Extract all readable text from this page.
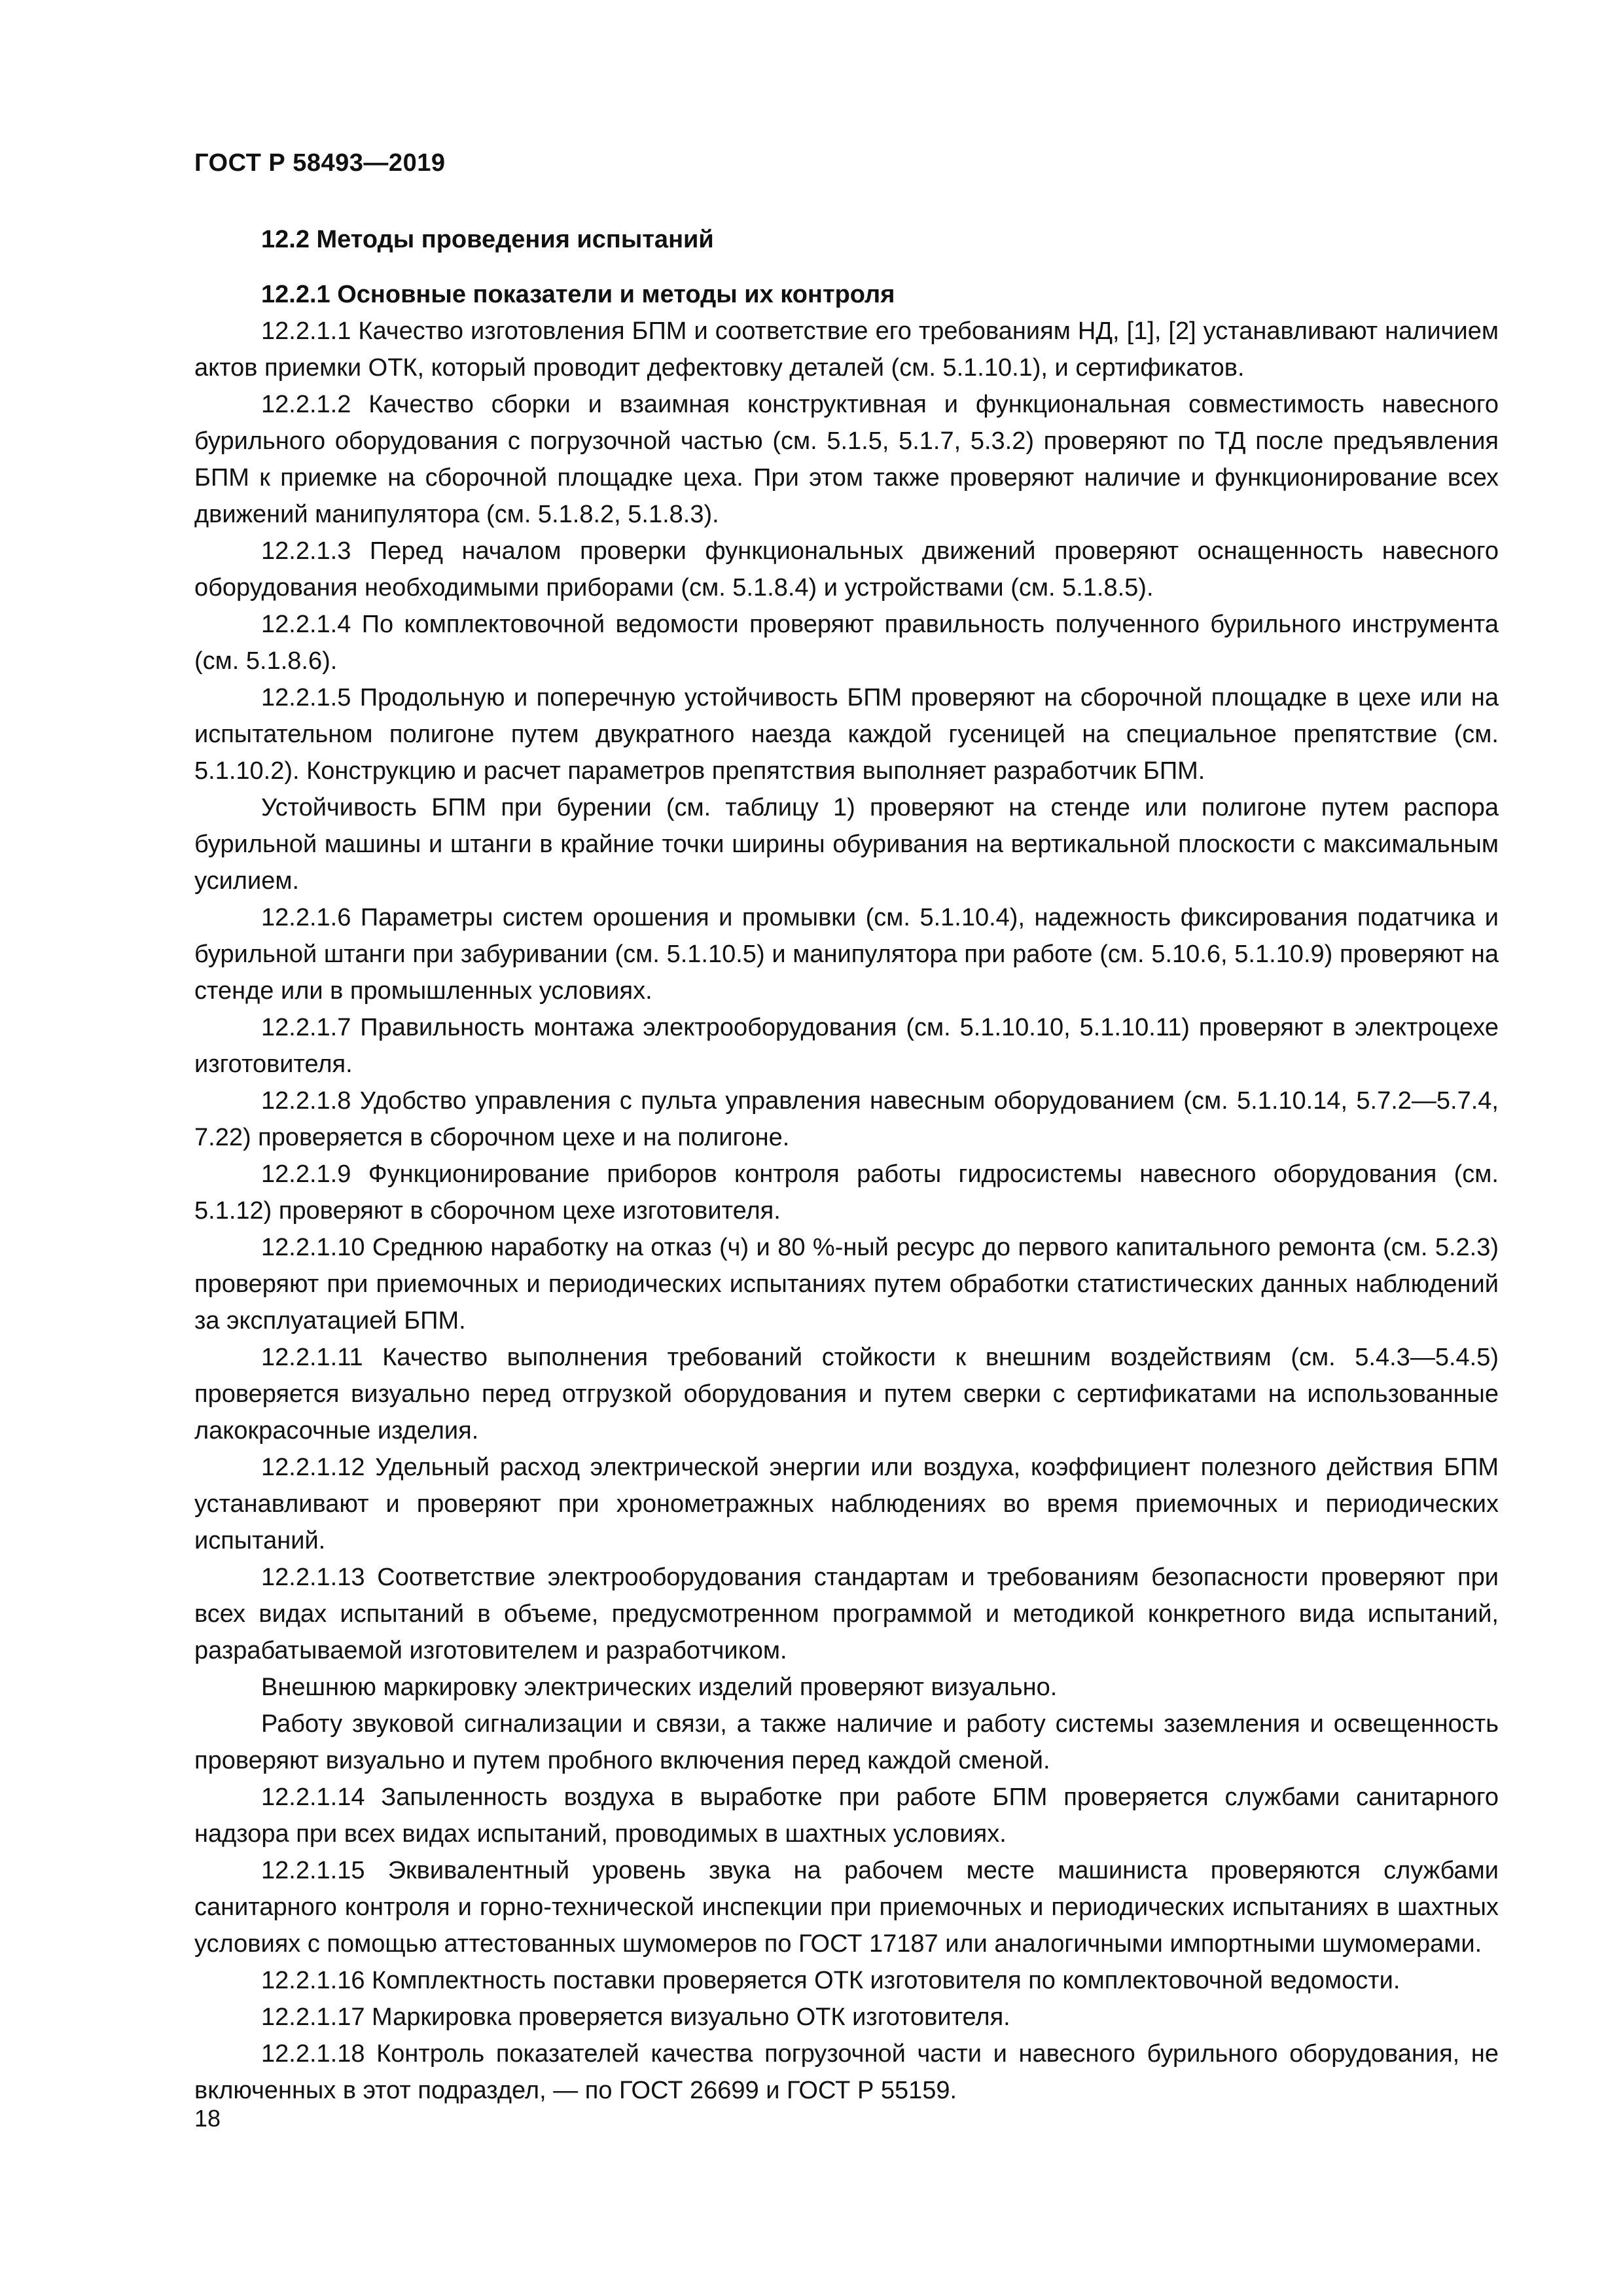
ГОСТ Р 58493—2019
12.2 Методы проведения испытаний
12.2.1 Основные показатели и методы их контроля

12.2.1.1 Качество изготовления БПМ и соответствие его требованиям НД, [1], [2] устанавливают наличием актов приемки ОТК, который проводит дефектовку деталей (см. 5.1.10.1), и сертификатов.

12.2.1.2 Качество сборки и взаимная конструктивная и функциональная совместимость навесного бурильного оборудования с погрузочной частью (см. 5.1.5, 5.1.7, 5.3.2) проверяют по ТД после предъявления БПМ к приемке на сборочной площадке цеха. При этом также проверяют наличие и функционирование всех движений манипулятора (см. 5.1.8.2, 5.1.8.3).

12.2.1.3 Перед началом проверки функциональных движений проверяют оснащенность навесного оборудования необходимыми приборами (см. 5.1.8.4) и устройствами (см. 5.1.8.5).

12.2.1.4 По комплектовочной ведомости проверяют правильность полученного бурильного инструмента (см. 5.1.8.6).

12.2.1.5 Продольную и поперечную устойчивость БПМ проверяют на сборочной площадке в цехе или на испытательном полигоне путем двукратного наезда каждой гусеницей на специальное препятствие (см. 5.1.10.2). Конструкцию и расчет параметров препятствия выполняет разработчик БПМ.

Устойчивость БПМ при бурении (см. таблицу 1) проверяют на стенде или полигоне путем распора бурильной машины и штанги в крайние точки ширины обуривания на вертикальной плоскости с максимальным усилием.

12.2.1.6 Параметры систем орошения и промывки (см. 5.1.10.4), надежность фиксирования податчика и бурильной штанги при забуривании (см. 5.1.10.5) и манипулятора при работе (см. 5.10.6, 5.1.10.9) проверяют на стенде или в промышленных условиях.

12.2.1.7 Правильность монтажа электрооборудования (см. 5.1.10.10, 5.1.10.11) проверяют в электроцехе изготовителя.

12.2.1.8 Удобство управления с пульта управления навесным оборудованием (см. 5.1.10.14, 5.7.2—5.7.4, 7.22) проверяется в сборочном цехе и на полигоне.

12.2.1.9 Функционирование приборов контроля работы гидросистемы навесного оборудования (см. 5.1.12) проверяют в сборочном цехе изготовителя.

12.2.1.10 Среднюю наработку на отказ (ч) и 80 %-ный ресурс до первого капитального ремонта (см. 5.2.3) проверяют при приемочных и периодических испытаниях путем обработки статистических данных наблюдений за эксплуатацией БПМ.

12.2.1.11 Качество выполнения требований стойкости к внешним воздействиям (см. 5.4.3—5.4.5) проверяется визуально перед отгрузкой оборудования и путем сверки с сертификатами на использованные лакокрасочные изделия.

12.2.1.12 Удельный расход электрической энергии или воздуха, коэффициент полезного действия БПМ устанавливают и проверяют при хронометражных наблюдениях во время приемочных и периодических испытаний.

12.2.1.13 Соответствие электрооборудования стандартам и требованиям безопасности проверяют при всех видах испытаний в объеме, предусмотренном программой и методикой конкретного вида испытаний, разрабатываемой изготовителем и разработчиком.

Внешнюю маркировку электрических изделий проверяют визуально.

Работу звуковой сигнализации и связи, а также наличие и работу системы заземления и освещенность проверяют визуально и путем пробного включения перед каждой сменой.

12.2.1.14 Запыленность воздуха в выработке при работе БПМ проверяется службами санитарного надзора при всех видах испытаний, проводимых в шахтных условиях.

12.2.1.15 Эквивалентный уровень звука на рабочем месте машиниста проверяются службами санитарного контроля и горно-технической инспекции при приемочных и периодических испытаниях в шахтных условиях с помощью аттестованных шумомеров по ГОСТ 17187 или аналогичными импортными шумомерами.

12.2.1.16 Комплектность поставки проверяется ОТК изготовителя по комплектовочной ведомости.

12.2.1.17 Маркировка проверяется визуально ОТК изготовителя.

12.2.1.18 Контроль показателей качества погрузочной части и навесного бурильного оборудования, не включенных в этот подраздел, — по ГОСТ 26699 и ГОСТ Р 55159.

18
